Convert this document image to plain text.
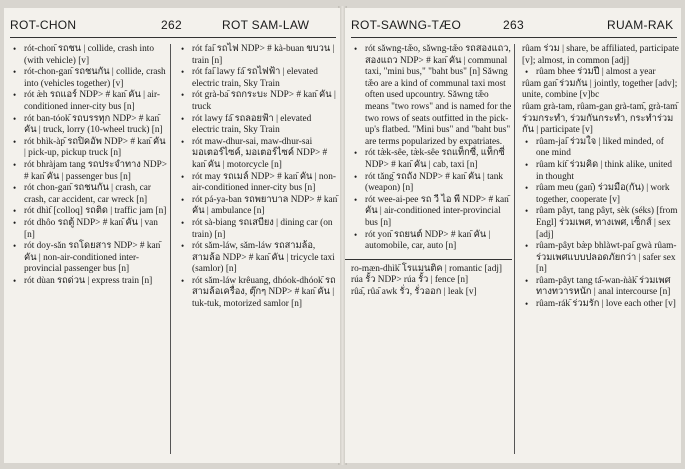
ROT-CHON	262	ROT SAM-LAW
• rót-chon᷇ รถชน | collide, crash into (with vehicle) [v]
• rót-chon-gan᷇ รถชนกัน | collide, crash into (vehicles together) [v]
• rót æ̀h รถแอร์ NDP> # kan᷇ คัน | air-conditioned inner-city bus [n]
• rót ban-tóok᷇ รถบรรทุก NDP> # kan᷇ คัน | truck, lorry (10-wheel truck) [n]
• rót bhìk-àp᷇ รถปิคอัพ NDP> # kan᷇ คัน | pick-up, pickup truck [n]
• rót bhràjam tang รถประจำทาง NDP> # kan᷇ คัน | passenger bus [n]
• rót chon-gan᷇ รถชนกัน | crash, car crash, car accident, car wreck [n]
• rót dhìt᷇ [colloq] รถติด | traffic jam [n]
• rót dhôo รถตู้ NDP> # kan᷇ คัน | van [n]
• rót doy-sǎn รถโดยสาร NDP> # kan᷇ คัน | non-air-conditioned inter-provincial passenger bus [n]
• rót dùan รถด่วน | express train [n]
• rót fai᷇ รถไฟ NDP> # kà-buan ขบวน | train [n]
• rót fai᷇ lawy fá᷇ รถไฟฟ้า | elevated electric train, Sky Train
• rót grà-ba᷇ รถกระบะ NDP> # kan᷇ คัน | truck
• rót lawy fá᷇ รถลอยฟ้า | elevated electric train, Sky Train
• rót maw-dhur-sai, maw-dhur-sai มอเตอร์ไซค์, มอเตอร์ไซค์ NDP> # kan᷇ คัน | motorcycle [n]
• rót may รถเมล์ NDP> # kan᷇ คัน | non-air-conditioned inner-city bus [n]
• rót pá-ya-ban รถพยาบาล NDP> # kan᷇ คัน | ambulance [n]
• rót sà-biang รถเสบียง | dining car (on train) [n]
• rót sǎm-láw, sǎm-láw รถสามล้อ, สามล้อ NDP> # kan᷇ คัน | tricycle taxi (samlor) [n]
• rót sǎm-láw krêuang, dhóok-dhóok᷇ รถสามล้อเครื่อง, ตุ๊กๆ NDP> # kan᷇ คัน | tuk-tuk, motorized samlor [n]
ROT-SAWNG-TÆO	263	RUAM-RAK
• rót sǎwng-tæ̌o, sǎwng-tæ̌o รถสองแถว, สองแถว NDP> # kan᷇ คัน | communal taxi, "mini bus," "baht bus" [n] Sǎwng tæ̌o are a kind of communal taxi most often used upcountry. Sǎwng tæ̌o means "two rows" and is named for the two rows of seats outfitted in the pick-up's flatbed. "Mini bus" and "baht bus" are terms popularized by expatriates.
• rót tæ̀k-sêe, tæ̀k-sêe รถแท็กซี่, แท็กซี่ NDP> # kan᷇ คัน | cab, taxi [n]
• rót tǎng᷇ รถถัง NDP> # kan᷇ คัน | tank (weapon) [n]
• rót wee-ai-pee รถ วี ไอ พี NDP> # kan᷇ คัน | air-conditioned inter-provincial bus [n]
• rót yon᷇ รถยนต์ NDP> # kan᷇ คัน | automobile, car, auto [n]
ro-mæn-dhìk᷇ โรแมนติค | romantic [adj]
rúa รั้ว NDP> rúa รั้ว | fence [n]
rûa᷇, rûa᷇ awk รั่ว, รั่วออก | leak [v]
rûam ร่วม | share, be affiliated, participate [v]; almost, in common [adj]
• rûam bhee ร่วมปี | almost a year
rûam gan᷇ ร่วมกัน | jointly, together [adv]; unite, combine [v]bc
rûam grà-tam, rûam-gan grà-tam᷇, grà-tam᷇ ร่วมกระทำ, ร่วมกันกระทำ, กระทำร่วมกัน | participate [v]
• rûam-jai᷇ ร่วมใจ | liked minded, of one mind
• rûam kít᷇ ร่วมคิด | think alike, united in thought
• rûam meu (gan᷇) ร่วมมือ(กัน) | work together, cooperate [v]
• rûam pâyt, tang pâyt, sèk (séks) [from Engl] ร่วมเพศ, ทางเพศ, เซ็กส์ | sex [adj]
• rûam-pâyt bæ̀p bhlàwt-pai᷇ gwà rûam-ร่วมเพศแบบปลอดภัยกว่า | safer sex [n]
• rûam-pâyt tang tá᷇-wan-ǹàk᷇ ร่วมเพศทางทวารหนัก | anal intercourse [n]
• rûam-rák᷇ ร่วมรัก | love each other [v]
